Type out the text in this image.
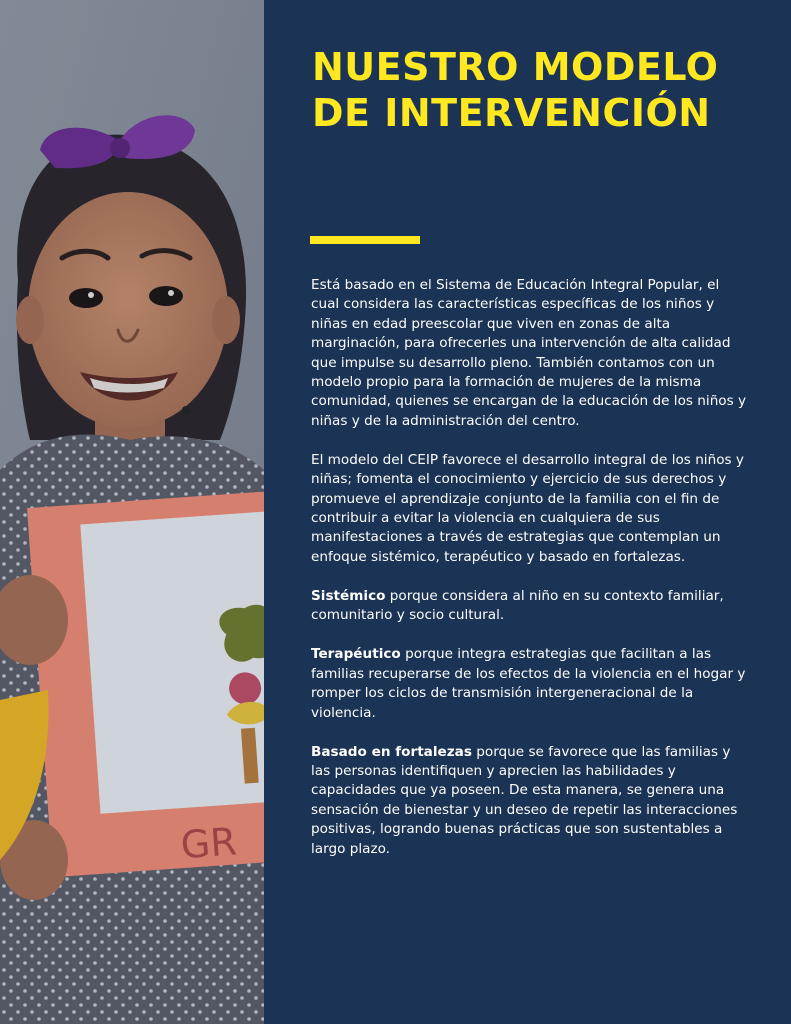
GR
NUESTRO MODELO
DE INTERVENCIÓN

Está basado en el Sistema de Educación Integral Popular, el cual considera las características específicas de los niños y niñas en edad preescolar que viven en zonas de alta marginación, para ofrecerles una intervención de alta calidad que impulse su desarrollo pleno. También contamos con un modelo propio para la formación de mujeres de la misma comunidad, quienes se encargan de la educación de los niños y niñas y de la administración del centro.

El modelo del CEIP favorece el desarrollo integral de los niños y niñas; fomenta el conocimiento y ejercicio de sus derechos y promueve el aprendizaje conjunto de la familia con el fin de contribuir a evitar la violencia en cualquiera de sus manifestaciones a través de estrategias que contemplan un enfoque sistémico, terapéutico y basado en fortalezas.

Sistémico porque considera al niño en su contexto familiar, comunitario y socio cultural.

Terapéutico porque integra estrategias que facilitan a las familias recuperarse de los efectos de la violencia en el hogar y romper los ciclos de transmisión intergeneracional de la violencia.

Basado en fortalezas porque se favorece que las familias y las personas identifiquen y aprecien las habilidades y capacidades que ya poseen. De esta manera, se genera una sensación de bienestar y un deseo de repetir las interacciones positivas, logrando buenas prácticas que son sustentables a largo plazo.
